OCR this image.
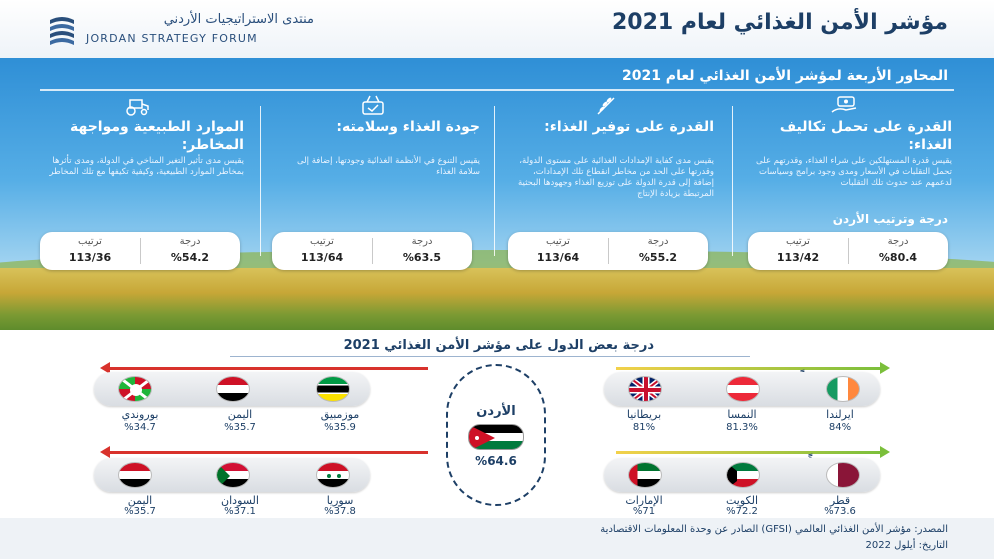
منتدى الاستراتيجيات الأردني
JORDAN STRATEGY FORUM
مؤشر الأمن الغذائي لعام 2021
المحاور الأربعة لمؤشر الأمن الغذائي لعام 2021
القدرة على تحمل تكاليف الغذاء:
يقيس قدرة المستهلكين على شراء الغذاء، وقدرتهم على تحمل التقلبات في الأسعار ومدى وجود برامج وسياسات لدعمهم عند حدوث تلك التقلبات
القدرة على توفير الغذاء:
يقيس مدى كفاية الإمدادات الغذائية على مستوى الدولة، وقدرتها على الحد من مخاطر انقطاع تلك الإمدادات، إضافة إلى قدرة الدولة على توزيع الغذاء وجهودها البحثية المرتبطة بزيادة الإنتاج
جودة الغذاء وسلامته:
يقيس التنوع في الأنظمة الغذائية وجودتها، إضافة إلى سلامة الغذاء
الموارد الطبيعية ومواجهة المخاطر:
يقيس مدى تأثير التغير المناخي في الدولة، ومدى تأثرها بمخاطر الموارد الطبيعية، وكيفية تكيفها مع تلك المخاطر
درجة وترتيب الأردن
درجة
%80.4
ترتيب
113/42
درجة
%55.2
ترتيب
113/64
درجة
%63.5
ترتيب
113/64
درجة
%54.2
ترتيب
113/36
درجة بعض الدول على مؤشر الأمن الغذائي 2021
ايرلندا
84%
النمسا
81.3%
بريطانيا
81%
موزمبيق
%35.9
اليمن
%35.7
بوروندي
%34.7
قطر
%73.6
الكويت
%72.2
الإمارات
%71
سوريا
%37.8
السودان
%37.1
اليمن
%35.7
الأردن
%64.6
المصدر: مؤشر الأمن الغذائي العالمي (GFSI) الصادر عن وحدة المعلومات الاقتصادية
التاريخ: أيلول 2022
